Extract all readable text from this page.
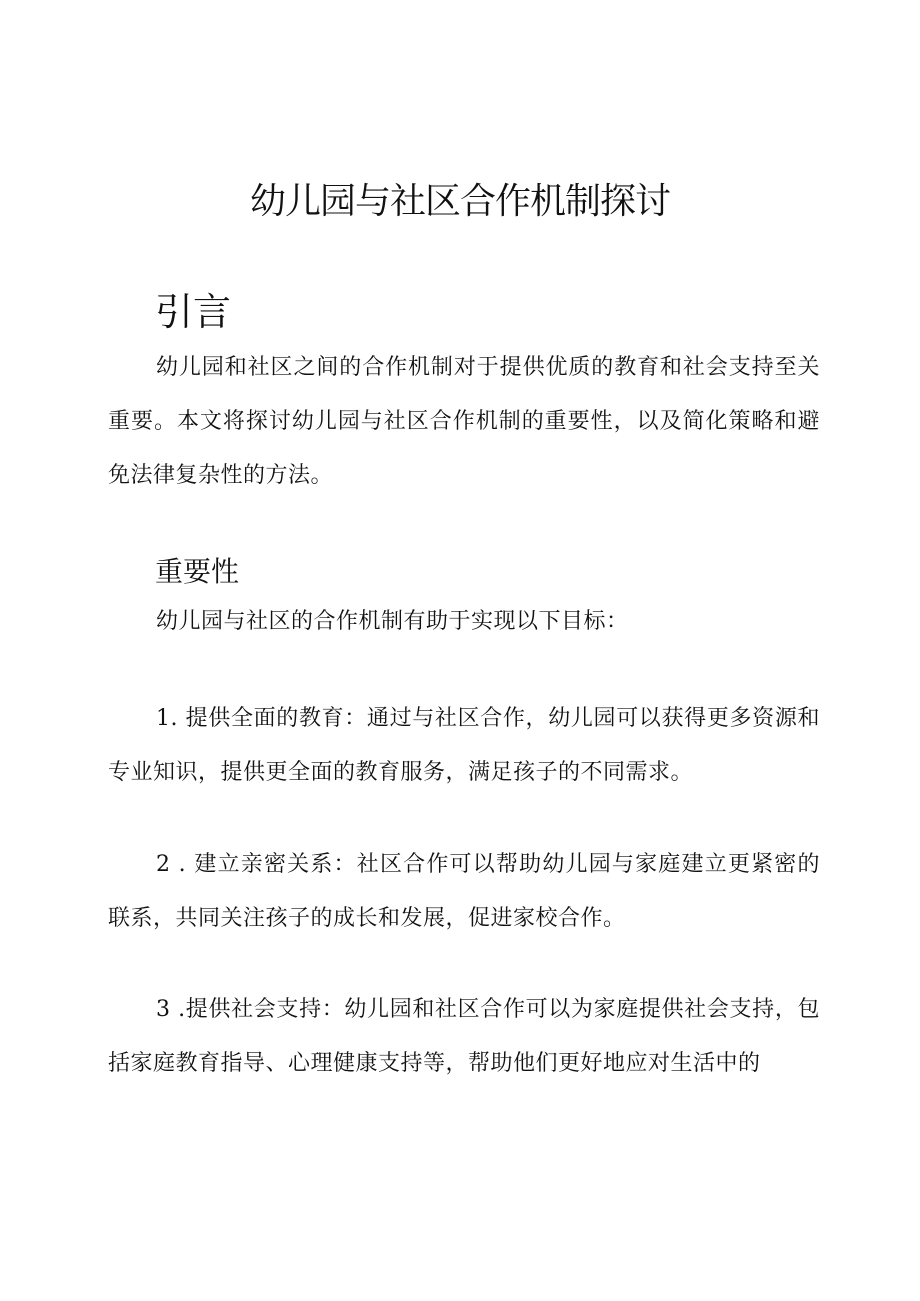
幼儿园与社区合作机制探讨
引言

幼儿园和社区之间的合作机制对于提供优质的教育和社会支持至关重要。本文将探讨幼儿园与社区合作机制的重要性，以及简化策略和避免法律复杂性的方法。

重要性

幼儿园与社区的合作机制有助于实现以下目标：

1. 提供全面的教育：通过与社区合作，幼儿园可以获得更多资源和专业知识，提供更全面的教育服务，满足孩子的不同需求。

2 . 建立亲密关系：社区合作可以帮助幼儿园与家庭建立更紧密的联系，共同关注孩子的成长和发展，促进家校合作。

3 .提供社会支持：幼儿园和社区合作可以为家庭提供社会支持，包括家庭教育指导、心理健康支持等，帮助他们更好地应对生活中的
